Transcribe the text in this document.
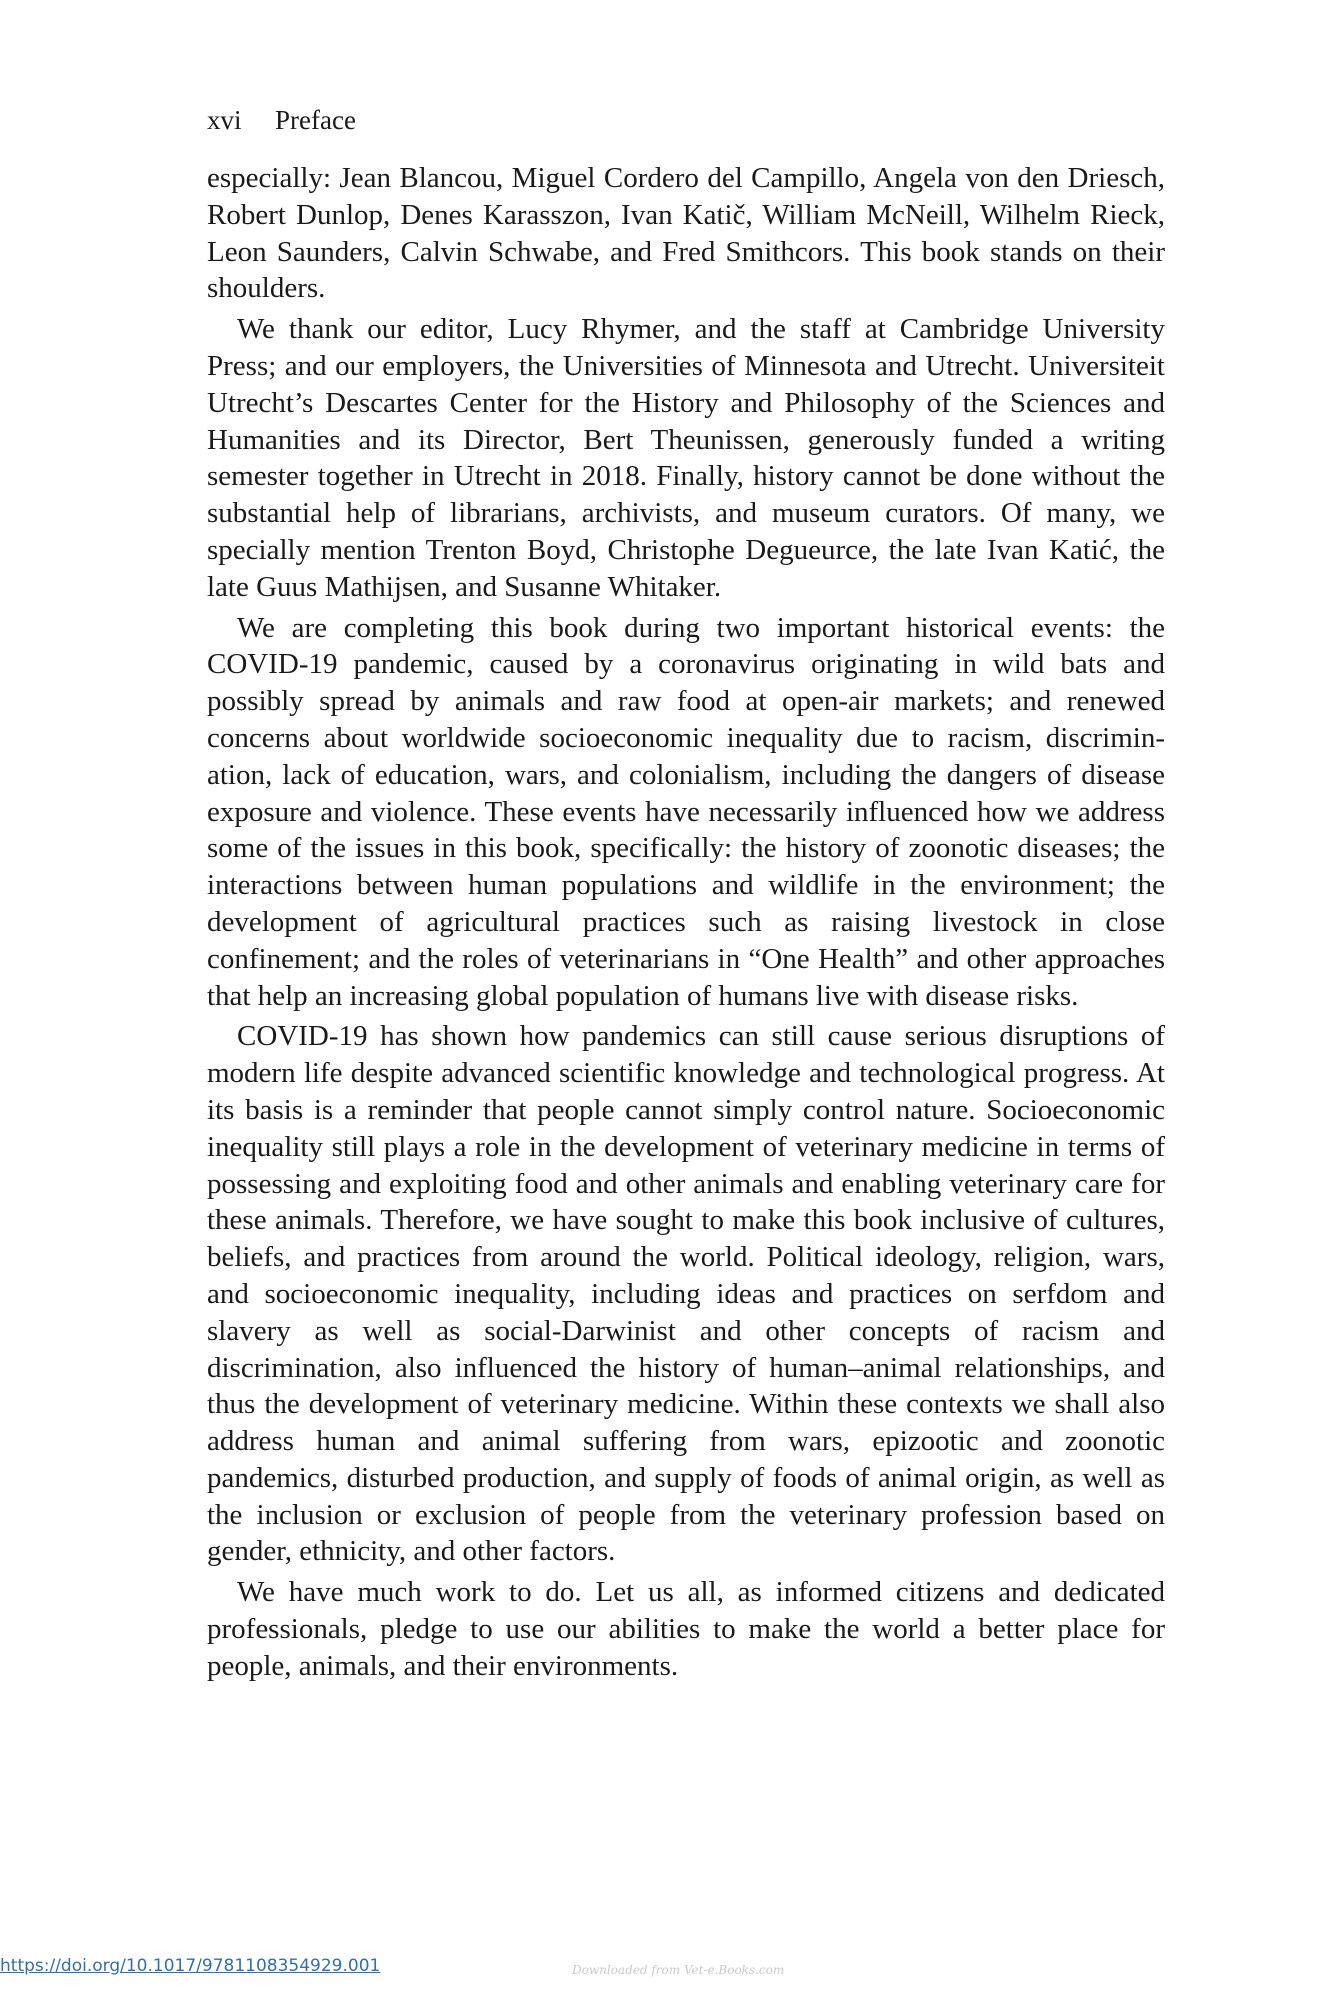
xvi Preface

especially: Jean Blancou, Miguel Cordero del Campillo, Angela von den Driesch, Robert Dunlop, Denes Karasszon, Ivan Katič, William McNeill, Wilhelm Rieck, Leon Saunders, Calvin Schwabe, and Fred Smithcors. This book stands on their shoulders.

We thank our editor, Lucy Rhymer, and the staff at Cambridge University Press; and our employers, the Universities of Minnesota and Utrecht. Universiteit Utrecht’s Descartes Center for the History and Philosophy of the Sciences and Humanities and its Director, Bert Theunissen, generously funded a writing semester together in Utrecht in 2018. Finally, history cannot be done without the substantial help of librarians, archivists, and museum curators. Of many, we specially mention Trenton Boyd, Christophe Degueurce, the late Ivan Katić, the late Guus Mathijsen, and Susanne Whitaker.

We are completing this book during two important historical events: the COVID-19 pandemic, caused by a coronavirus originating in wild bats and possibly spread by animals and raw food at open-air markets; and renewed concerns about worldwide socioeconomic inequality due to racism, discrimination, lack of education, wars, and colonialism, including the dangers of disease exposure and violence. These events have necessarily influenced how we address some of the issues in this book, specifically: the history of zoonotic diseases; the interactions between human populations and wildlife in the environment; the development of agricultural practices such as raising livestock in close confinement; and the roles of veterinarians in “One Health” and other approaches that help an increasing global population of humans live with disease risks.

COVID-19 has shown how pandemics can still cause serious disruptions of modern life despite advanced scientific knowledge and technological progress. At its basis is a reminder that people cannot simply control nature. Socioeconomic inequality still plays a role in the development of veterinary medicine in terms of possessing and exploiting food and other animals and enabling veterinary care for these animals. Therefore, we have sought to make this book inclusive of cultures, beliefs, and practices from around the world. Political ideology, religion, wars, and socioeconomic inequality, including ideas and practices on serfdom and slavery as well as social-Darwinist and other concepts of racism and discrimination, also influenced the history of human–animal relationships, and thus the development of veterinary medicine. Within these contexts we shall also address human and animal suffering from wars, epizootic and zoonotic pandemics, disturbed production, and supply of foods of animal origin, as well as the inclusion or exclusion of people from the veterinary profession based on gender, ethnicity, and other factors.

We have much work to do. Let us all, as informed citizens and dedicated professionals, pledge to use our abilities to make the world a better place for people, animals, and their environments.

https://doi.org/10.1017/9781108354929.001	Downloaded from Vet-e.Books.com
